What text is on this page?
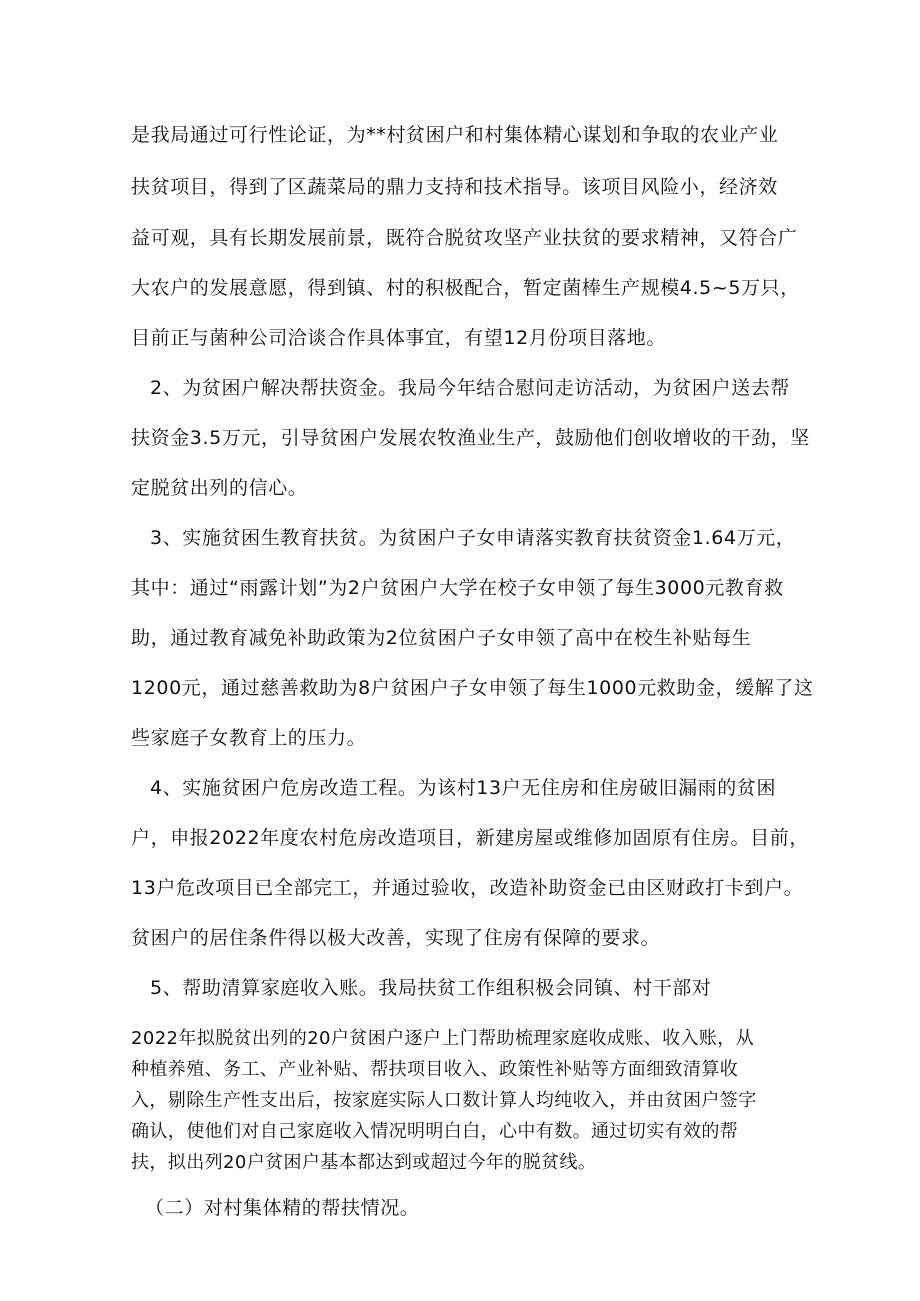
是我局通过可行性论证，为**村贫困户和村集体精心谋划和争取的农业产业
扶贫项目，得到了区蔬菜局的鼎力支持和技术指导。该项目风险小，经济效
益可观，具有长期发展前景，既符合脱贫攻坚产业扶贫的要求精神，又符合广
大农户的发展意愿，得到镇、村的积极配合，暂定菌棒生产规模4.5~5万只，
目前正与菌种公司洽谈合作具体事宜，有望12月份项目落地。
2、为贫困户解决帮扶资金。我局今年结合慰问走访活动，为贫困户送去帮
扶资金3.5万元，引导贫困户发展农牧渔业生产，鼓励他们创收增收的干劲，坚
定脱贫出列的信心。
3、实施贫困生教育扶贫。为贫困户子女申请落实教育扶贫资金1.64万元，
其中：通过“雨露计划”为2户贫困户大学在校子女申领了每生3000元教育救
助，通过教育减免补助政策为2位贫困户子女申领了高中在校生补贴每生
1200元，通过慈善救助为8户贫困户子女申领了每生1000元救助金，缓解了这
些家庭子女教育上的压力。
4、实施贫困户危房改造工程。为该村13户无住房和住房破旧漏雨的贫困
户，申报2022年度农村危房改造项目，新建房屋或维修加固原有住房。目前，
13户危改项目已全部完工，并通过验收，改造补助资金已由区财政打卡到户。
贫困户的居住条件得以极大改善，实现了住房有保障的要求。
5、帮助清算家庭收入账。我局扶贫工作组积极会同镇、村干部对
2022年拟脱贫出列的20户贫困户逐户上门帮助梳理家庭收成账、收入账，从
种植养殖、务工、产业补贴、帮扶项目收入、政策性补贴等方面细致清算收
入，剔除生产性支出后，按家庭实际人口数计算人均纯收入，并由贫困户签字
确认，使他们对自己家庭收入情况明明白白，心中有数。通过切实有效的帮
扶，拟出列20户贫困户基本都达到或超过今年的脱贫线。
（二）对村集体精的帮扶情况。
